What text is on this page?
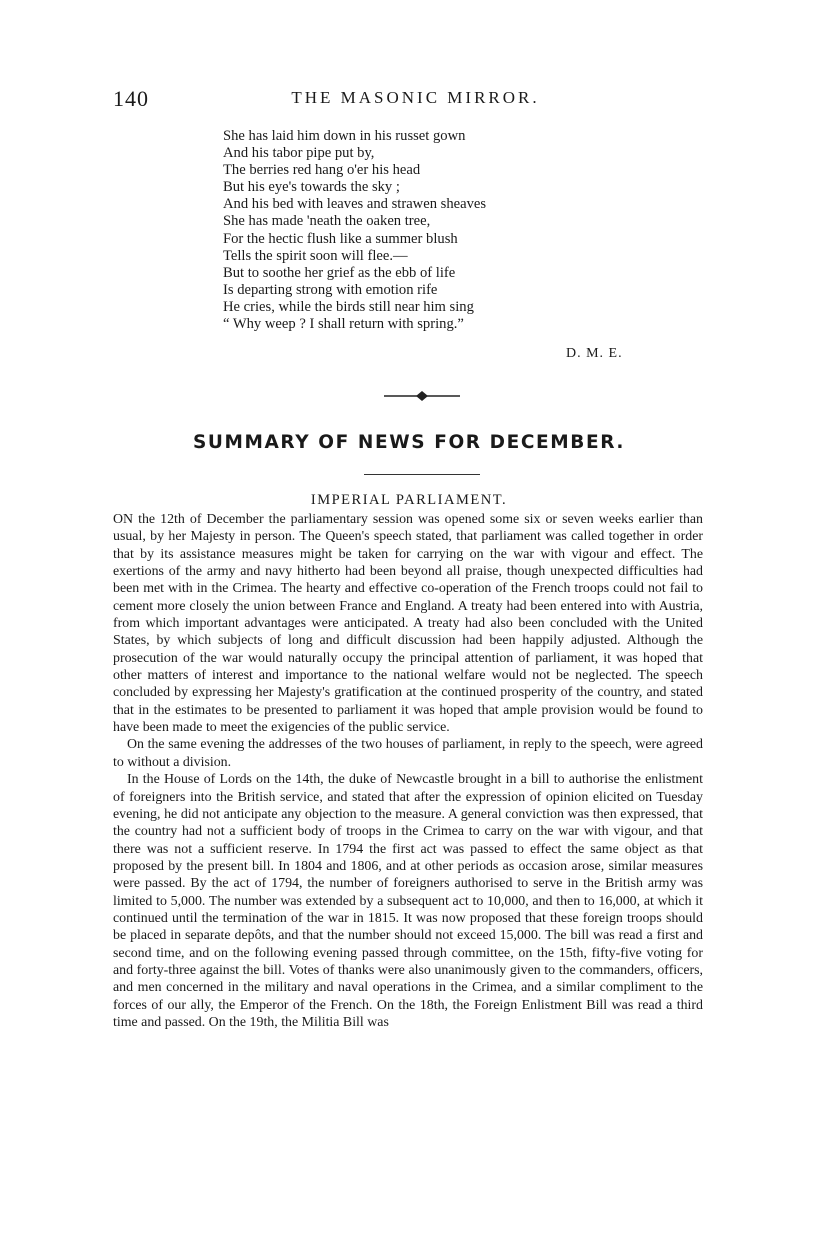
140	THE MASONIC MIRROR.
She has laid him down in his russet gown
And his tabor pipe put by,
The berries red hang o'er his head
But his eye's towards the sky ;
And his bed with leaves and strawen sheaves
She has made 'neath the oaken tree,
For the hectic flush like a summer blush
Tells the spirit soon will flee.—
But to soothe her grief as the ebb of life
Is departing strong with emotion rife
He cries, while the birds still near him sing
“ Why weep ? I shall return with spring.”
D. M. E.
SUMMARY OF NEWS FOR DECEMBER.
IMPERIAL PARLIAMENT.

ON the 12th of December the parliamentary session was opened some six or seven weeks earlier than usual, by her Majesty in person. The Queen's speech stated, that parliament was called together in order that by its assistance measures might be taken for carrying on the war with vigour and effect. The exertions of the army and navy hitherto had been beyond all praise, though unexpected difficulties had been met with in the Crimea. The hearty and effective co-operation of the French troops could not fail to cement more closely the union between France and England. A treaty had been entered into with Austria, from which important advantages were anticipated. A treaty had also been concluded with the United States, by which subjects of long and difficult discussion had been happily adjusted. Although the prosecution of the war would naturally occupy the principal attention of parliament, it was hoped that other matters of interest and importance to the national welfare would not be neglected. The speech concluded by expressing her Majesty's gratification at the continued prosperity of the country, and stated that in the estimates to be presented to parliament it was hoped that ample provision would be found to have been made to meet the exigencies of the public service.

On the same evening the addresses of the two houses of parliament, in reply to the speech, were agreed to without a division.

In the House of Lords on the 14th, the duke of Newcastle brought in a bill to authorise the enlistment of foreigners into the British service, and stated that after the expression of opinion elicited on Tuesday evening, he did not anticipate any objection to the measure. A general conviction was then expressed, that the country had not a sufficient body of troops in the Crimea to carry on the war with vigour, and that there was not a sufficient reserve. In 1794 the first act was passed to effect the same object as that proposed by the present bill. In 1804 and 1806, and at other periods as occasion arose, similar measures were passed. By the act of 1794, the number of foreigners authorised to serve in the British army was limited to 5,000. The number was extended by a subsequent act to 10,000, and then to 16,000, at which it continued until the termination of the war in 1815. It was now proposed that these foreign troops should be placed in separate depôts, and that the number should not exceed 15,000. The bill was read a first and second time, and on the following evening passed through committee, on the 15th, fifty-five voting for and forty-three against the bill. Votes of thanks were also unanimously given to the commanders, officers, and men concerned in the military and naval operations in the Crimea, and a similar compliment to the forces of our ally, the Emperor of the French. On the 18th, the Foreign Enlistment Bill was read a third time and passed. On the 19th, the Militia Bill was
